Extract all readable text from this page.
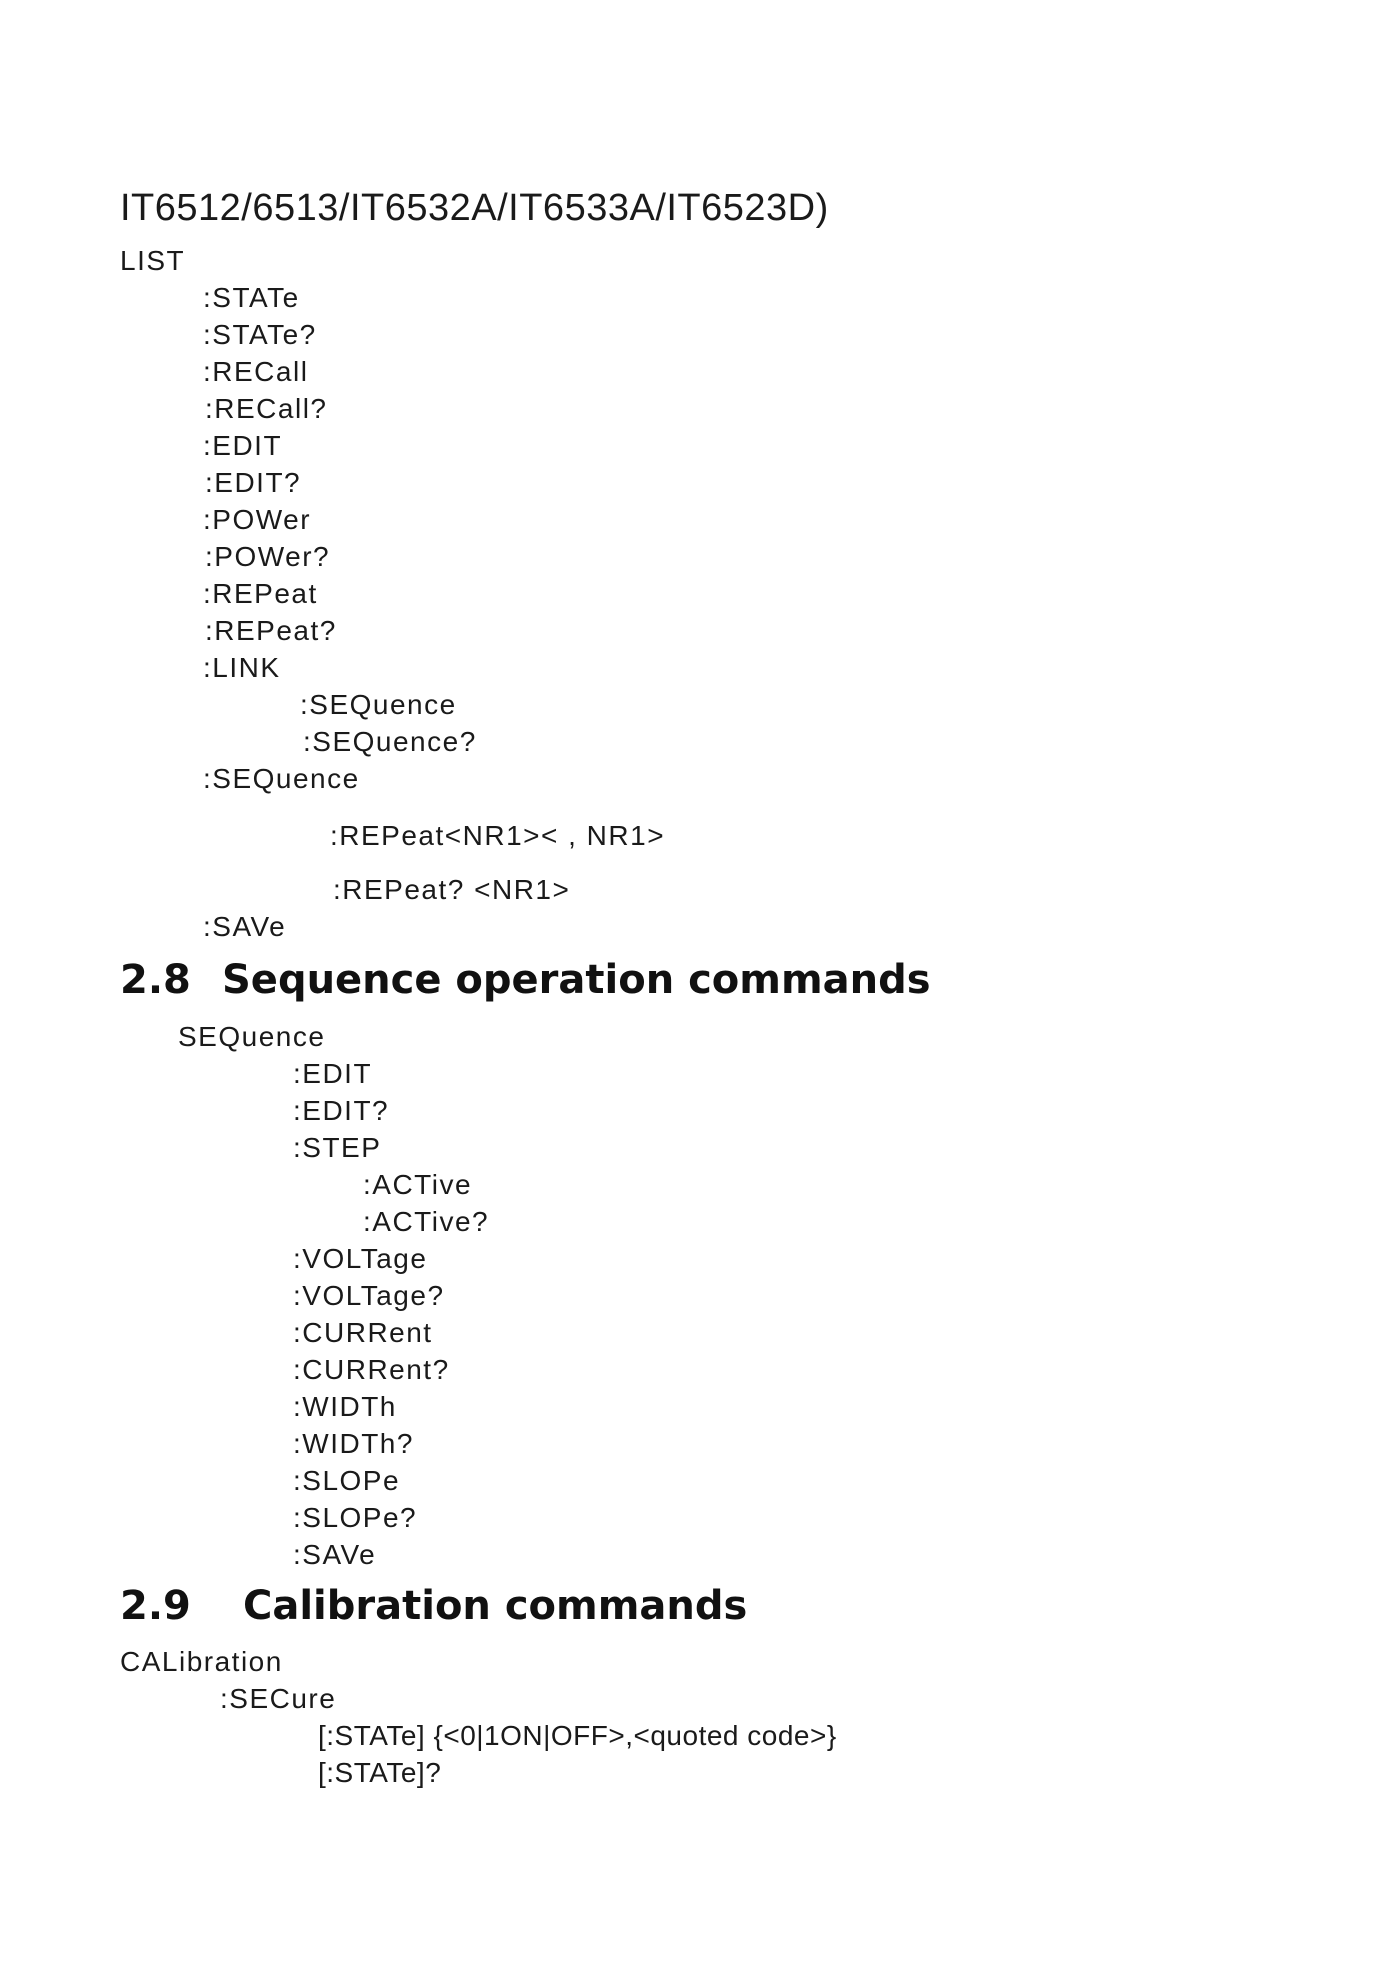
IT6512/6513/IT6532A/IT6533A/IT6523D)
LIST
:STATe
:STATe?
:RECall
:RECall?
:EDIT
:EDIT?
:POWer
:POWer?
:REPeat
:REPeat?
:LINK
:SEQuence
:SEQuence?
:SEQuence
:REPeat<NR1>< , NR1>
:REPeat? <NR1>
:SAVe
2.8 Sequence operation commands
SEQuence
:EDIT
:EDIT?
:STEP
:ACTive
:ACTive?
:VOLTage
:VOLTage?
:CURRent
:CURRent?
:WIDTh
:WIDTh?
:SLOPe
:SLOPe?
:SAVe
2.9 Calibration commands
CALibration
:SECure
[:STATe] {<0|1ON|OFF>,<quoted code>}
[:STATe]?
